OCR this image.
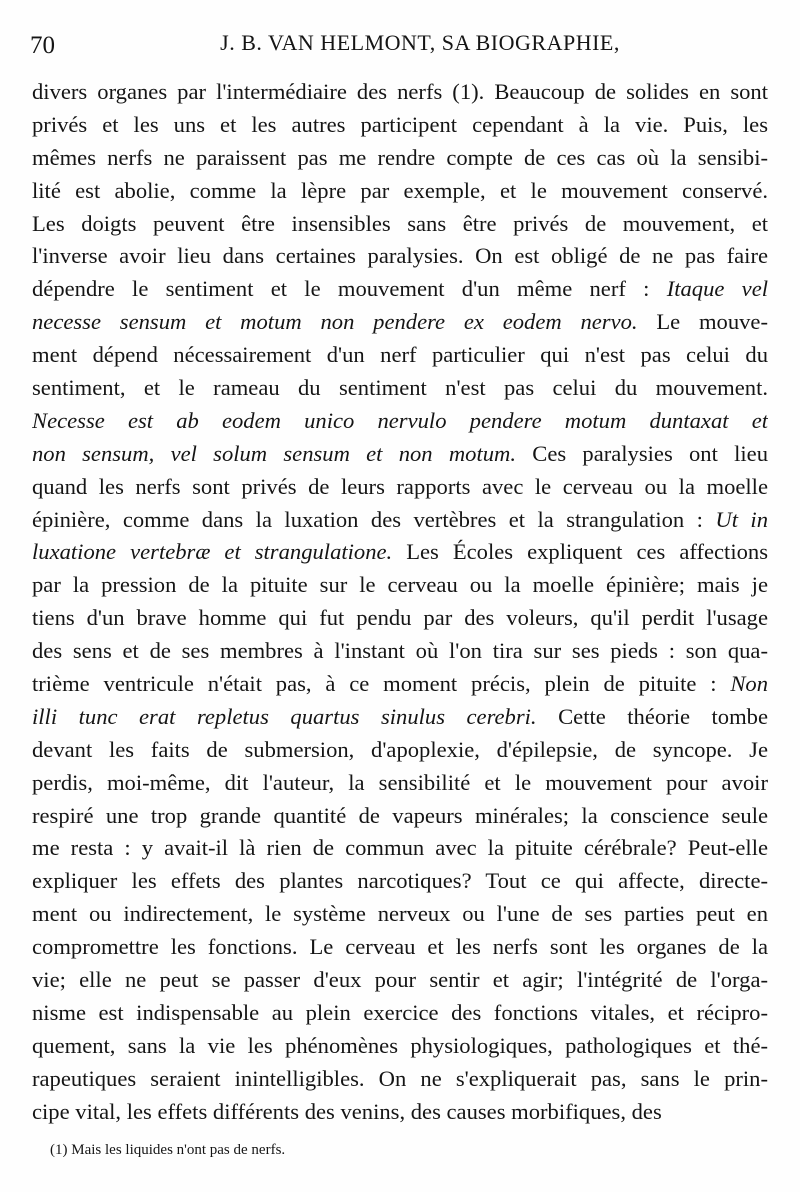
70	J. B. VAN HELMONT, SA BIOGRAPHIE,
divers organes par l'intermédiaire des nerfs (1). Beaucoup de solides en sont
privés et les uns et les autres participent cependant à la vie. Puis, les
mêmes nerfs ne paraissent pas me rendre compte de ces cas où la sensibi-
lité est abolie, comme la lèpre par exemple, et le mouvement conservé.
Les doigts peuvent être insensibles sans être privés de mouvement, et
l'inverse avoir lieu dans certaines paralysies. On est obligé de ne pas faire
dépendre le sentiment et le mouvement d'un même nerf : Itaque vel
necesse sensum et motum non pendere ex eodem nervo. Le mouve-
ment dépend nécessairement d'un nerf particulier qui n'est pas celui du
sentiment, et le rameau du sentiment n'est pas celui du mouvement.
Necesse est ab eodem unico nervulo pendere motum duntaxat et
non sensum, vel solum sensum et non motum. Ces paralysies ont lieu
quand les nerfs sont privés de leurs rapports avec le cerveau ou la moelle
épinière, comme dans la luxation des vertèbres et la strangulation : Ut in
luxatione vertebræ et strangulatione. Les Écoles expliquent ces affections
par la pression de la pituite sur le cerveau ou la moelle épinière; mais je
tiens d'un brave homme qui fut pendu par des voleurs, qu'il perdit l'usage
des sens et de ses membres à l'instant où l'on tira sur ses pieds : son qua-
trième ventricule n'était pas, à ce moment précis, plein de pituite : Non
illi tunc erat repletus quartus sinulus cerebri. Cette théorie tombe
devant les faits de submersion, d'apoplexie, d'épilepsie, de syncope. Je
perdis, moi-même, dit l'auteur, la sensibilité et le mouvement pour avoir
respiré une trop grande quantité de vapeurs minérales; la conscience seule
me resta : y avait-il là rien de commun avec la pituite cérébrale? Peut-elle
expliquer les effets des plantes narcotiques? Tout ce qui affecte, directe-
ment ou indirectement, le système nerveux ou l'une de ses parties peut en
compromettre les fonctions. Le cerveau et les nerfs sont les organes de la
vie; elle ne peut se passer d'eux pour sentir et agir; l'intégrité de l'orga-
nisme est indispensable au plein exercice des fonctions vitales, et récipro-
quement, sans la vie les phénomènes physiologiques, pathologiques et thé-
rapeutiques seraient inintelligibles. On ne s'expliquerait pas, sans le prin-
cipe vital, les effets différents des venins, des causes morbifiques, des
(1) Mais les liquides n'ont pas de nerfs.
